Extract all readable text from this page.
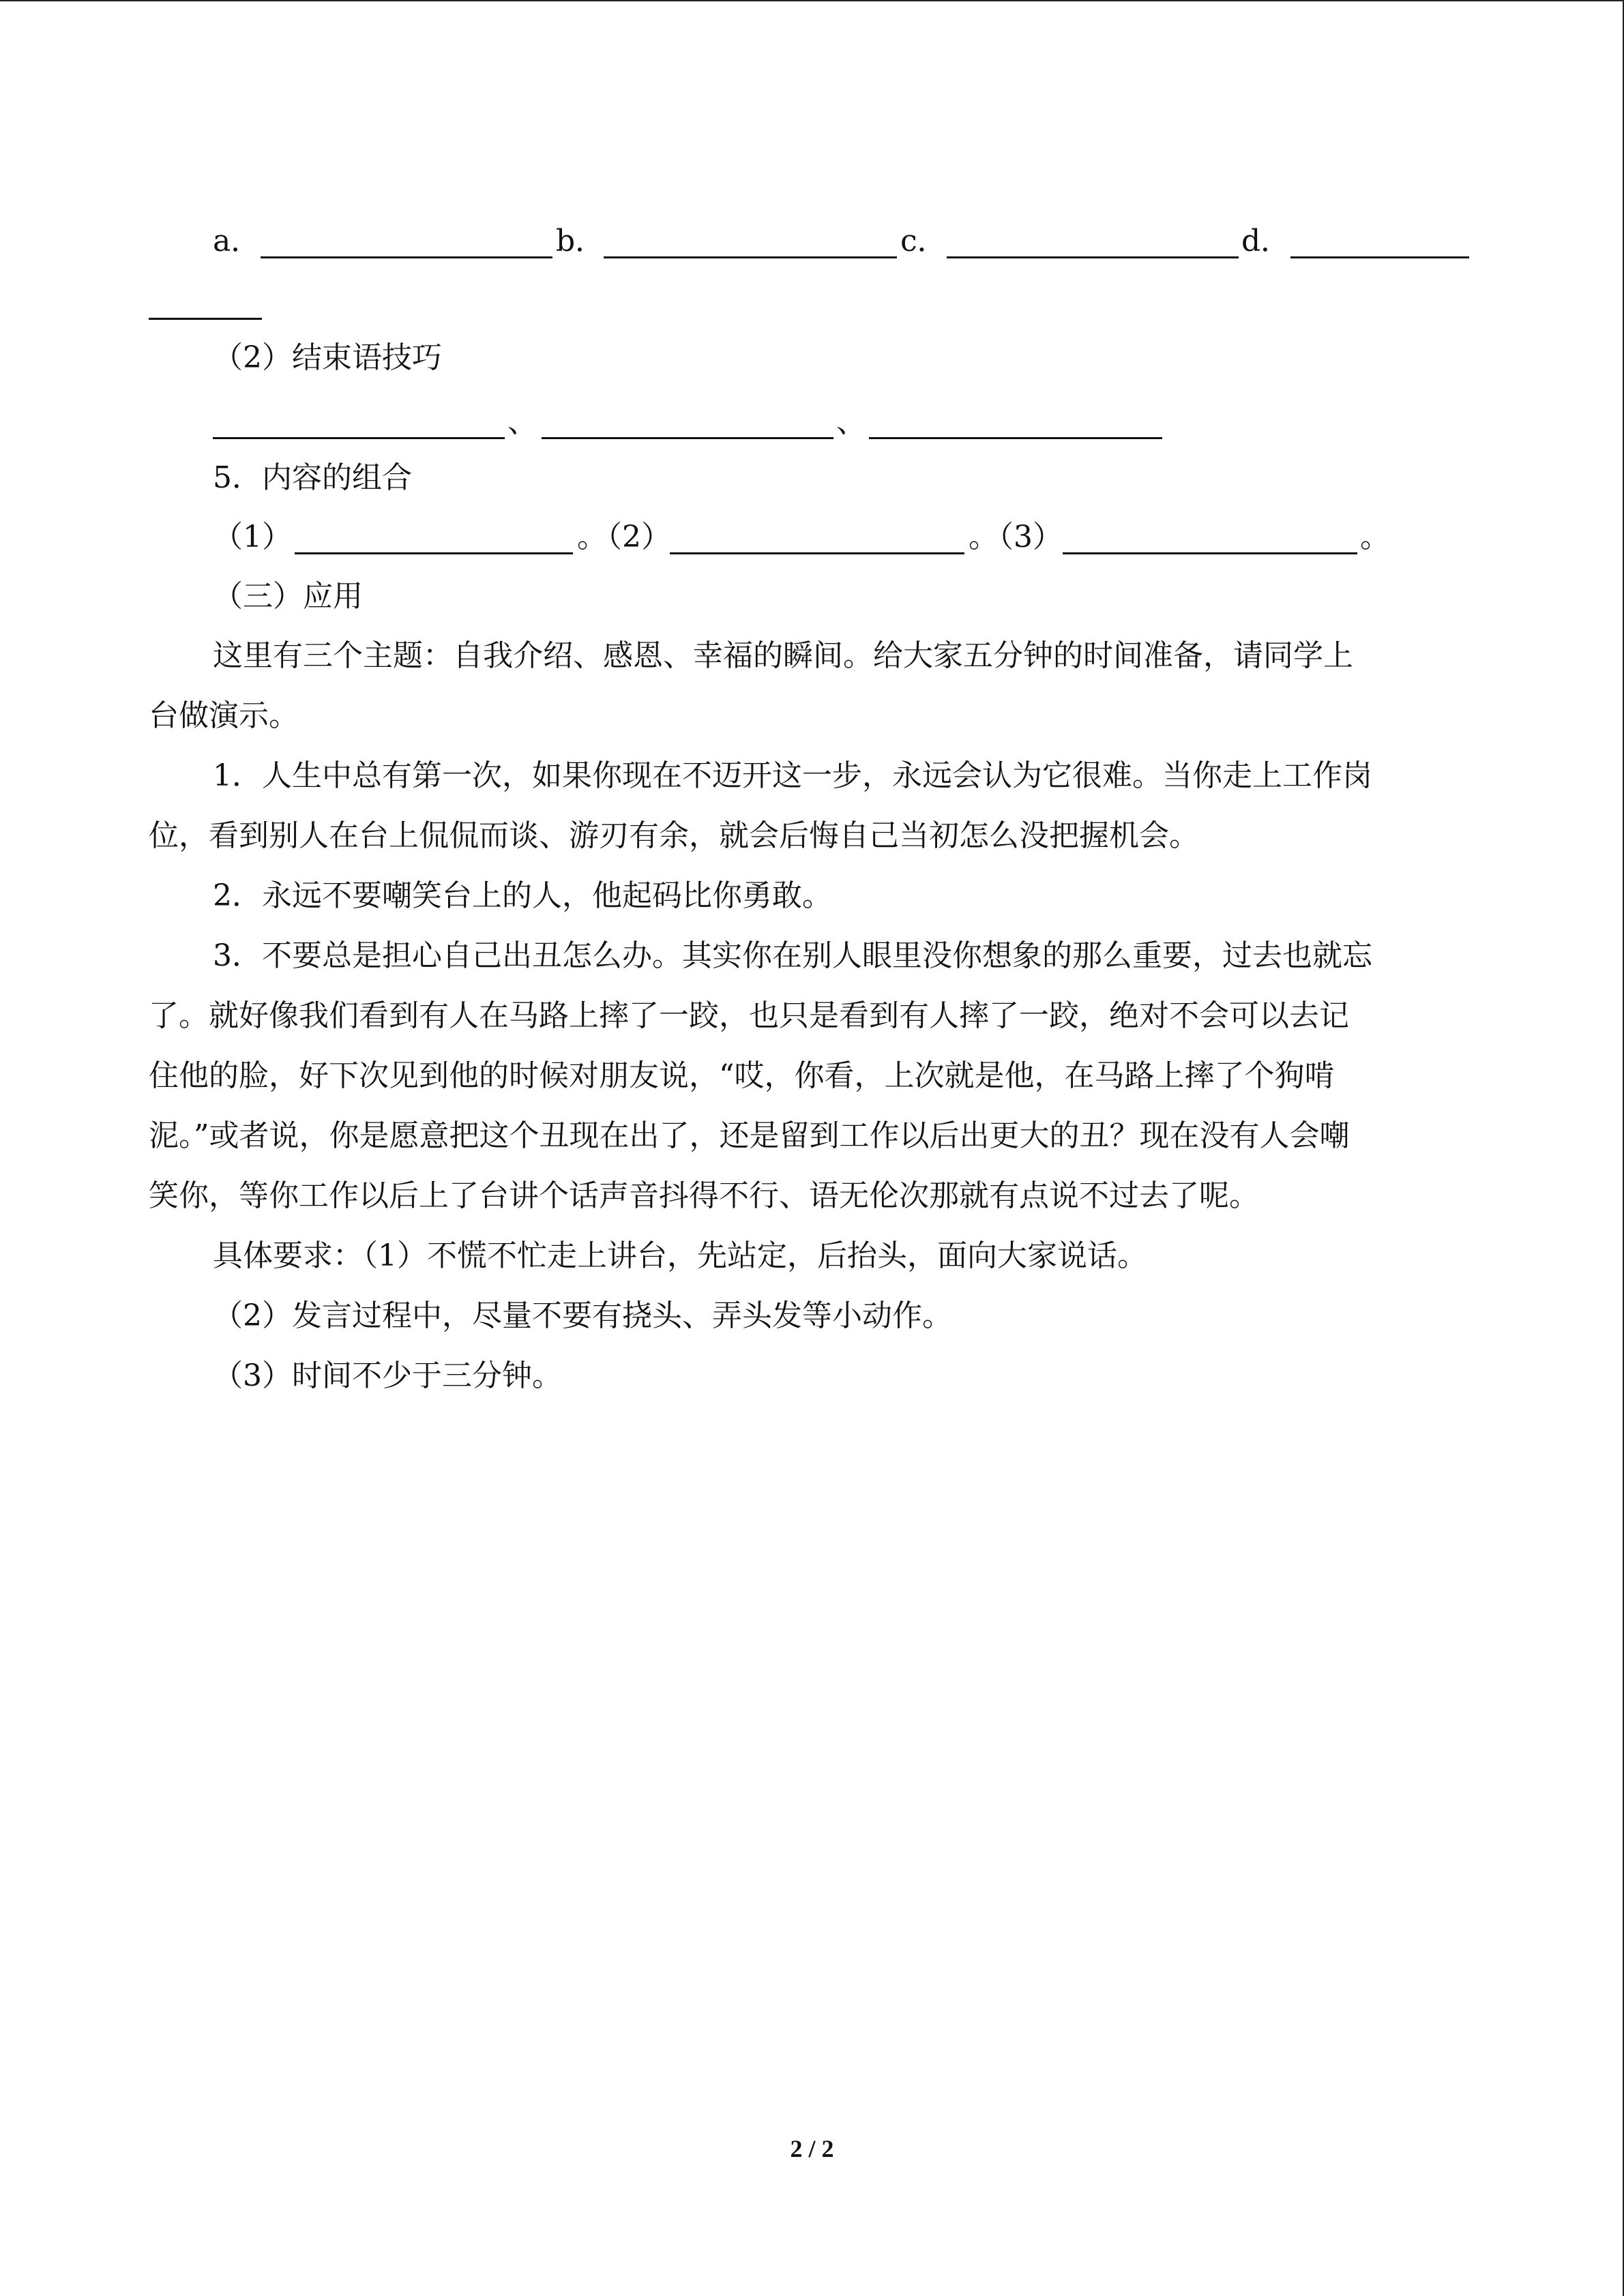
a．	b．	c．	d．
（2）结束语技巧
、	、
5．内容的组合
（1）	。（2）	。（3）	。
（三）应用
这里有三个主题：自我介绍、感恩、幸福的瞬间。给大家五分钟的时间准备，请同学上
台做演示。
1．人生中总有第一次，如果你现在不迈开这一步，永远会认为它很难。当你走上工作岗
位，看到别人在台上侃侃而谈、游刃有余，就会后悔自己当初怎么没把握机会。
2．永远不要嘲笑台上的人，他起码比你勇敢。
3．不要总是担心自己出丑怎么办。其实你在别人眼里没你想象的那么重要，过去也就忘
了。就好像我们看到有人在马路上摔了一跤，也只是看到有人摔了一跤，绝对不会可以去记
住他的脸，好下次见到他的时候对朋友说，“哎，你看，上次就是他，在马路上摔了个狗啃
泥。”或者说，你是愿意把这个丑现在出了，还是留到工作以后出更大的丑？现在没有人会嘲
笑你，等你工作以后上了台讲个话声音抖得不行、语无伦次那就有点说不过去了呢。
具体要求：（1）不慌不忙走上讲台，先站定，后抬头，面向大家说话。
（2）发言过程中，尽量不要有挠头、弄头发等小动作。
（3）时间不少于三分钟。
2 / 2
